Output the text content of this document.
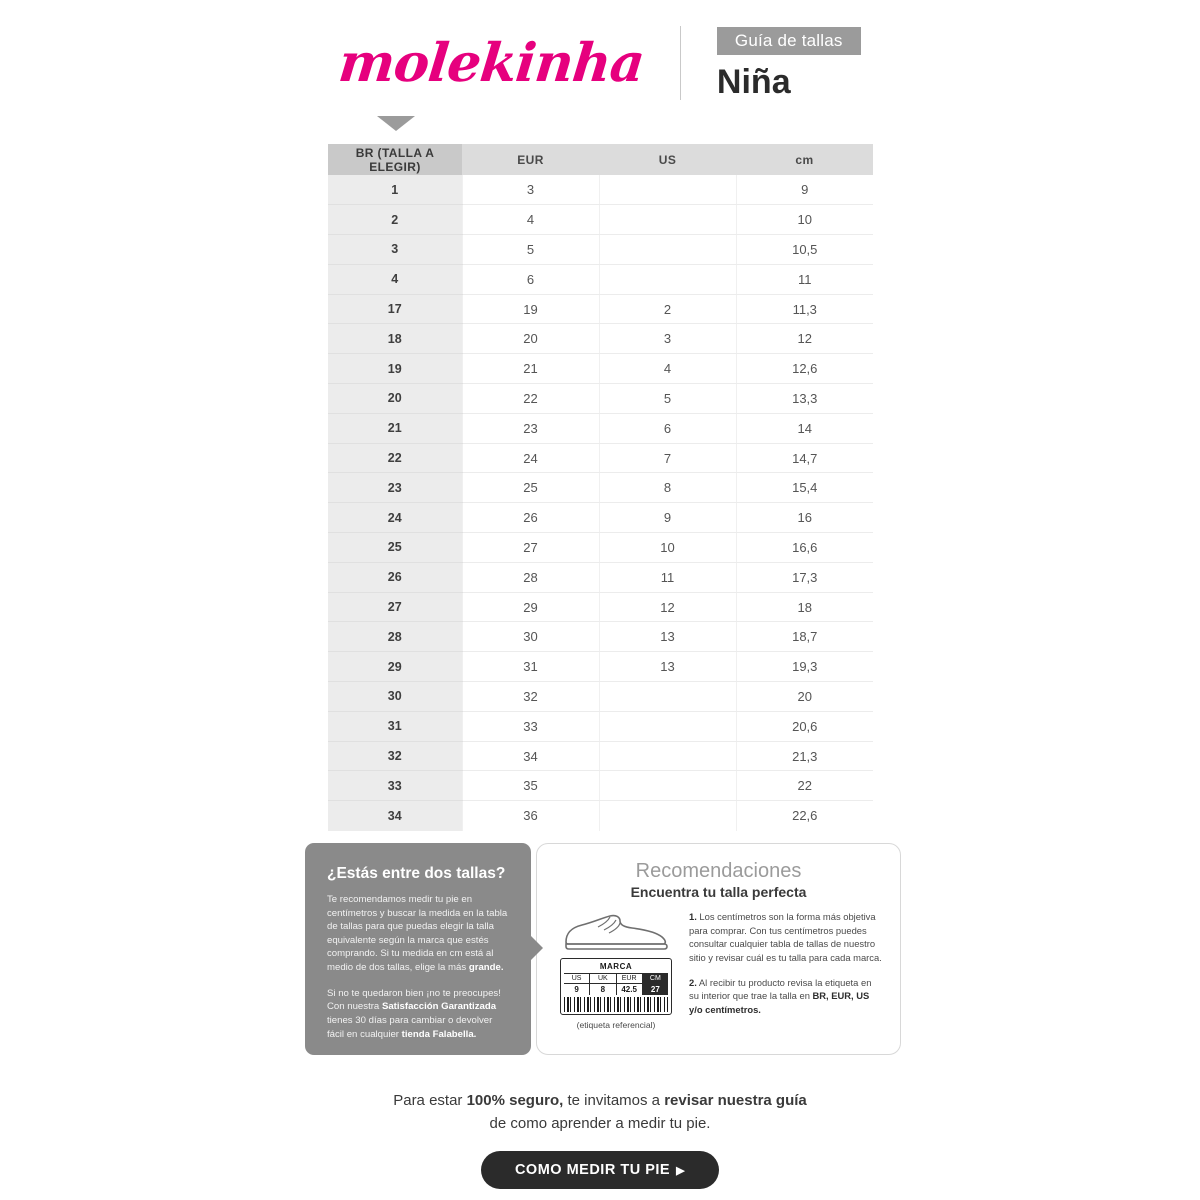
molekinha	Guía de tallas
Niña
BR (TALLA A ELEGIR)	EUR	US	cm
1	3		9
2	4		10
3	5		10,5
4	6		11
17	19	2	11,3
18	20	3	12
19	21	4	12,6
20	22	5	13,3
21	23	6	14
22	24	7	14,7
23	25	8	15,4
24	26	9	16
25	27	10	16,6
26	28	11	17,3
27	29	12	18
28	30	13	18,7
29	31	13	19,3
30	32		20
31	33		20,6
32	34		21,3
33	35		22
34	36		22,6
¿Estás entre dos tallas?

Te recomendamos medir tu pie en centímetros y buscar la medida en la tabla de tallas para que puedas elegir la talla equivalente según la marca que estés comprando. Si tu medida en cm está al medio de dos tallas, elige la más grande.

Si no te quedaron bien ¡no te preocupes! Con nuestra Satisfacción Garantizada tienes 30 días para cambiar o devolver fácil en cualquier tienda Falabella.

*Desde el 16.08.2022

Recomendaciones
Encuentra tu talla perfecta
MARCA
US	UK	EUR	CM
9	8	42.5	27
(etiqueta referencial)

1. Los centímetros son la forma más objetiva para comprar. Con tus centímetros puedes consultar cualquier tabla de tallas de nuestro sitio y revisar cuál es tu talla para cada marca.

2. Al recibir tu producto revisa la etiqueta en su interior que trae la talla en BR, EUR, US y/o centímetros.

Para estar 100% seguro, te invitamos a revisar nuestra guía
de como aprender a medir tu pie.
COMO MEDIR TU PIE ▶
